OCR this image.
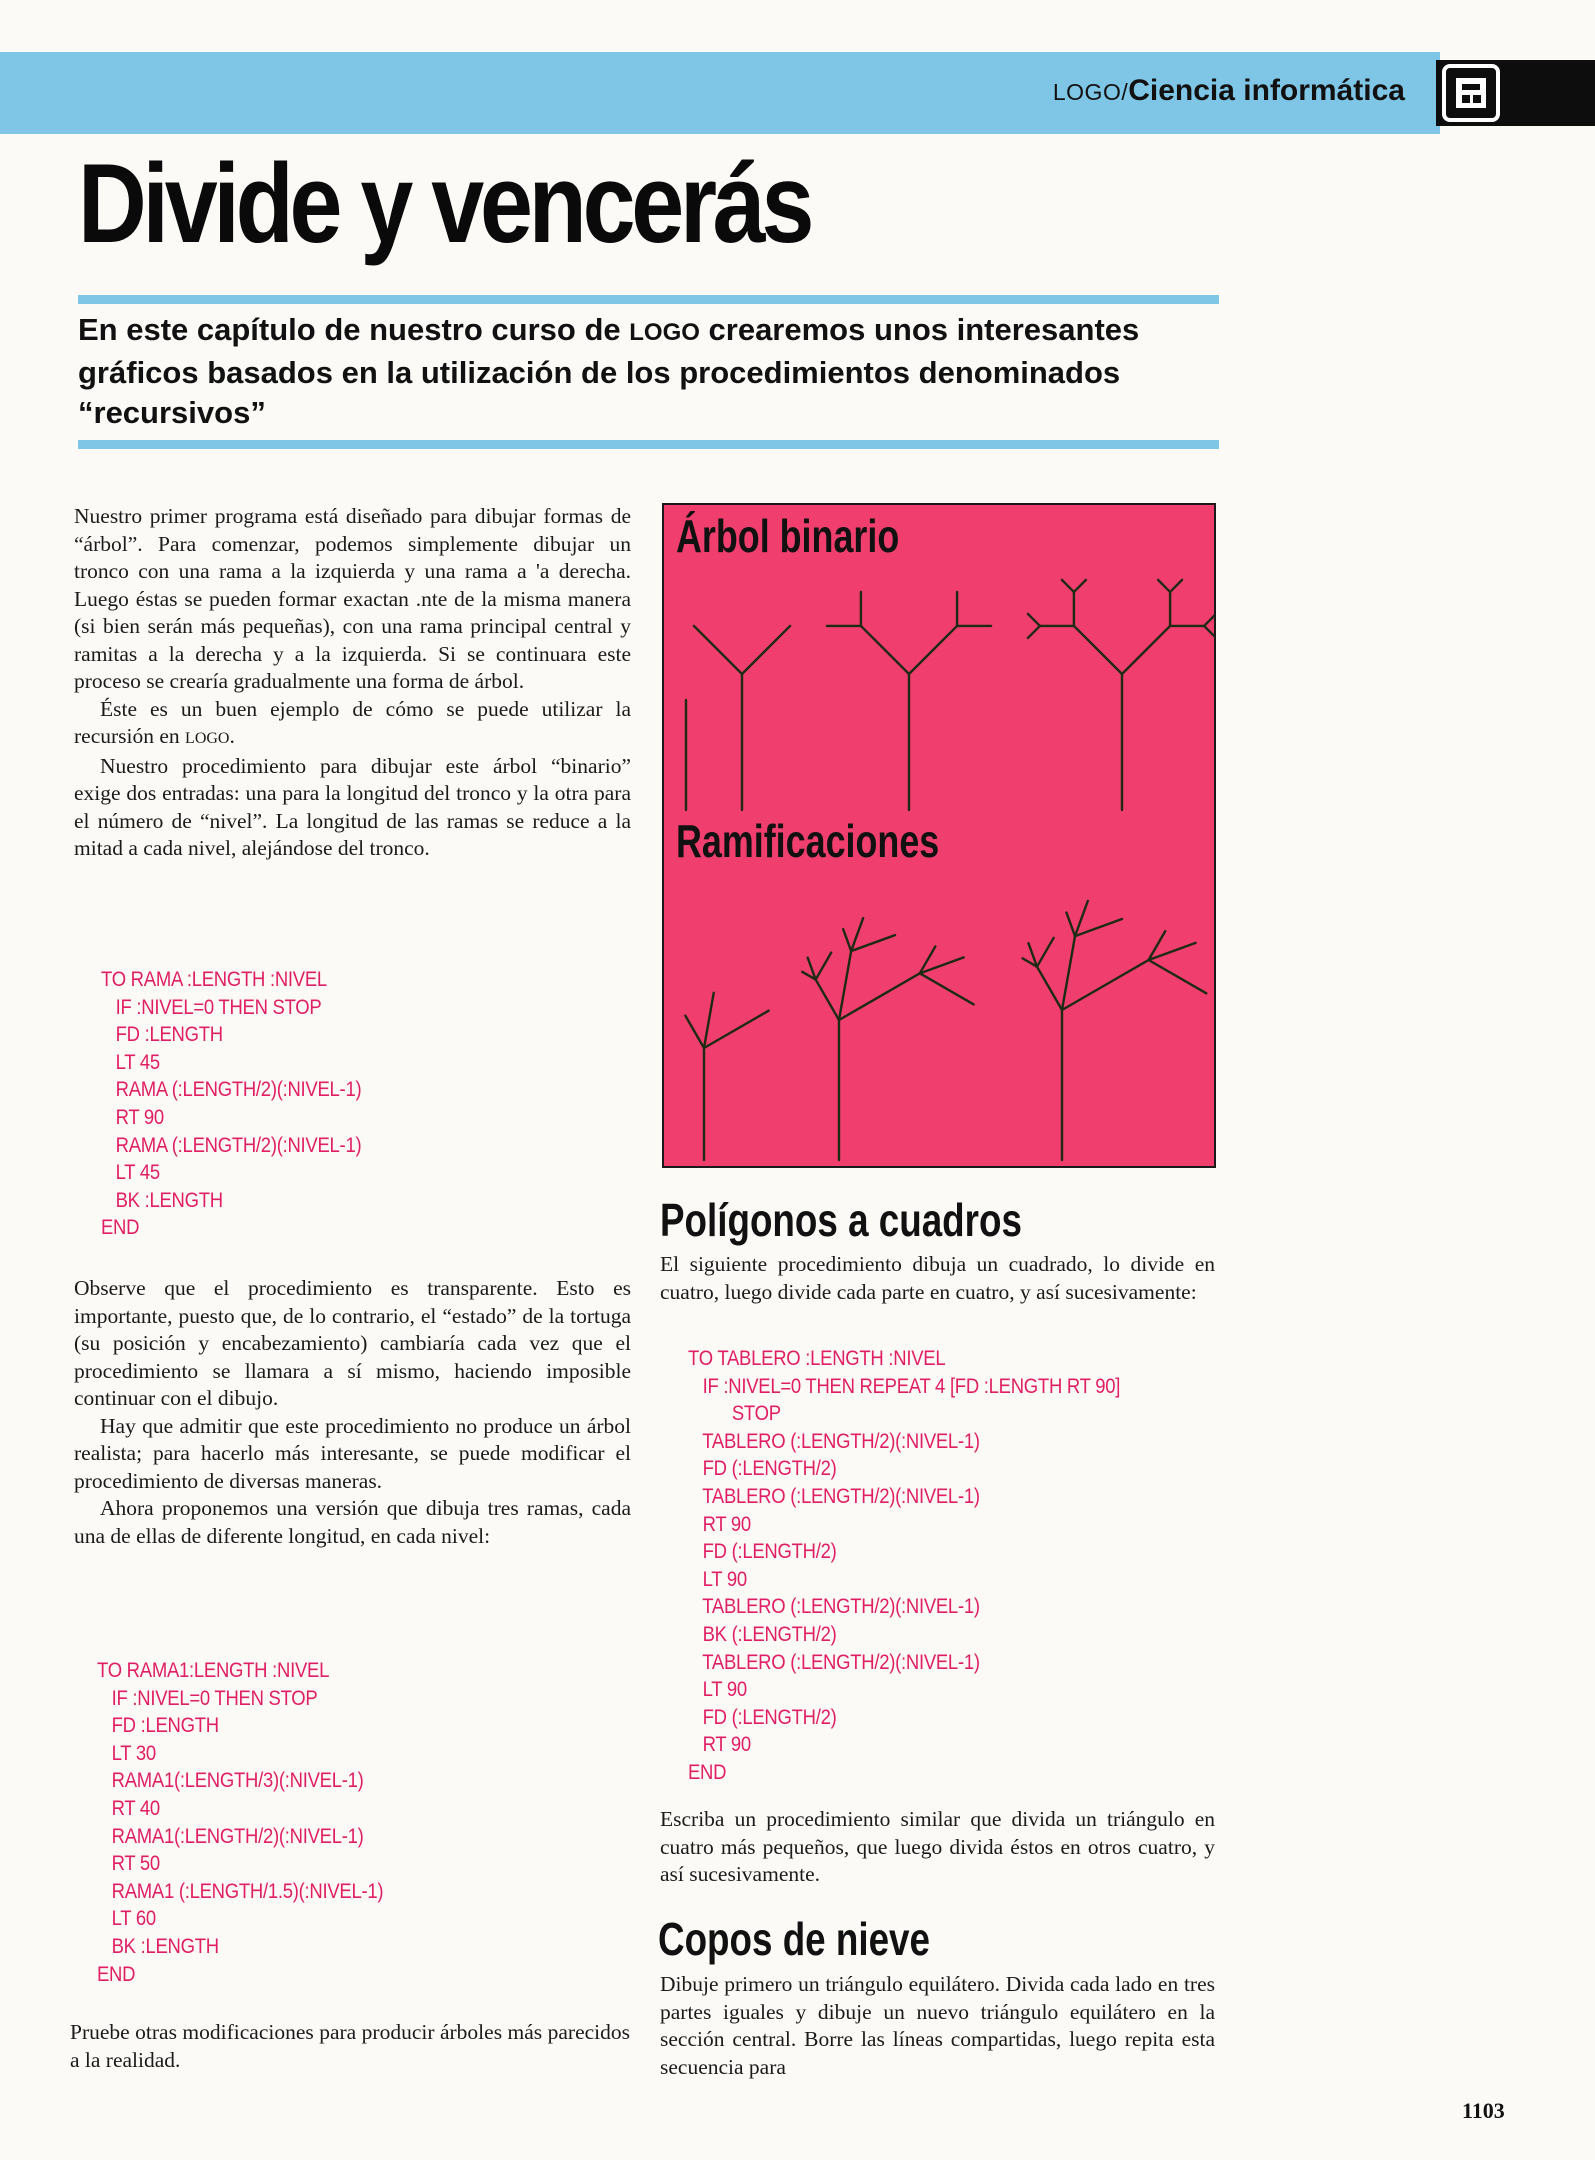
LOGO/Ciencia informática
Divide y vencerás

En este capítulo de nuestro curso de LOGO crearemos unos interesantes gráficos basados en la utilización de los procedimientos denominados “recursivos”

Nuestro primer programa está diseñado para dibujar formas de “árbol”. Para comenzar, podemos simplemente dibujar un tronco con una rama a la izquierda y una rama a 'a derecha. Luego éstas se pueden formar exactan .nte de la misma manera (si bien serán más pequeñas), con una rama principal central y ramitas a la derecha y a la izquierda. Si se continuara este proceso se crearía gradualmente una forma de árbol.

Éste es un buen ejemplo de cómo se puede utilizar la recursión en LOGO.

Nuestro procedimiento para dibujar este árbol “binario” exige dos entradas: una para la longitud del tronco y la otra para el número de “nivel”. La longitud de las ramas se reduce a la mitad a cada nivel, alejándose del tronco.

TO RAMA :LENGTH :NIVEL
IF :NIVEL=0 THEN STOP
FD :LENGTH
LT 45
RAMA (:LENGTH/2)(:NIVEL-1)
RT 90
RAMA (:LENGTH/2)(:NIVEL-1)
LT 45
BK :LENGTH
END

Observe que el procedimiento es transparente. Esto es importante, puesto que, de lo contrario, el “estado” de la tortuga (su posición y encabezamiento) cambiaría cada vez que el procedimiento se llamara a sí mismo, haciendo imposible continuar con el dibujo.

Hay que admitir que este procedimiento no produce un árbol realista; para hacerlo más interesante, se puede modificar el procedimiento de diversas maneras.

Ahora proponemos una versión que dibuja tres ramas, cada una de ellas de diferente longitud, en cada nivel:

TO RAMA1:LENGTH :NIVEL
IF :NIVEL=0 THEN STOP
FD :LENGTH
LT 30
RAMA1(:LENGTH/3)(:NIVEL-1)
RT 40
RAMA1(:LENGTH/2)(:NIVEL-1)
RT 50
RAMA1 (:LENGTH/1.5)(:NIVEL-1)
LT 60
BK :LENGTH
END

Pruebe otras modificaciones para producir árboles más parecidos a la realidad.

Árbol binario
Ramificaciones
Polígonos a cuadros

El siguiente procedimiento dibuja un cuadrado, lo divide en cuatro, luego divide cada parte en cuatro, y así sucesivamente:

TO TABLERO :LENGTH :NIVEL
IF :NIVEL=0 THEN REPEAT 4 [FD :LENGTH RT 90]
STOP
TABLERO (:LENGTH/2)(:NIVEL-1)
FD (:LENGTH/2)
TABLERO (:LENGTH/2)(:NIVEL-1)
RT 90
FD (:LENGTH/2)
LT 90
TABLERO (:LENGTH/2)(:NIVEL-1)
BK (:LENGTH/2)
TABLERO (:LENGTH/2)(:NIVEL-1)
LT 90
FD (:LENGTH/2)
RT 90
END

Escriba un procedimiento similar que divida un triángulo en cuatro más pequeños, que luego divida éstos en otros cuatro, y así sucesivamente.

Copos de nieve

Dibuje primero un triángulo equilátero. Divida cada lado en tres partes iguales y dibuje un nuevo triángulo equilátero en la sección central. Borre las líneas compartidas, luego repita esta secuencia para

1103
